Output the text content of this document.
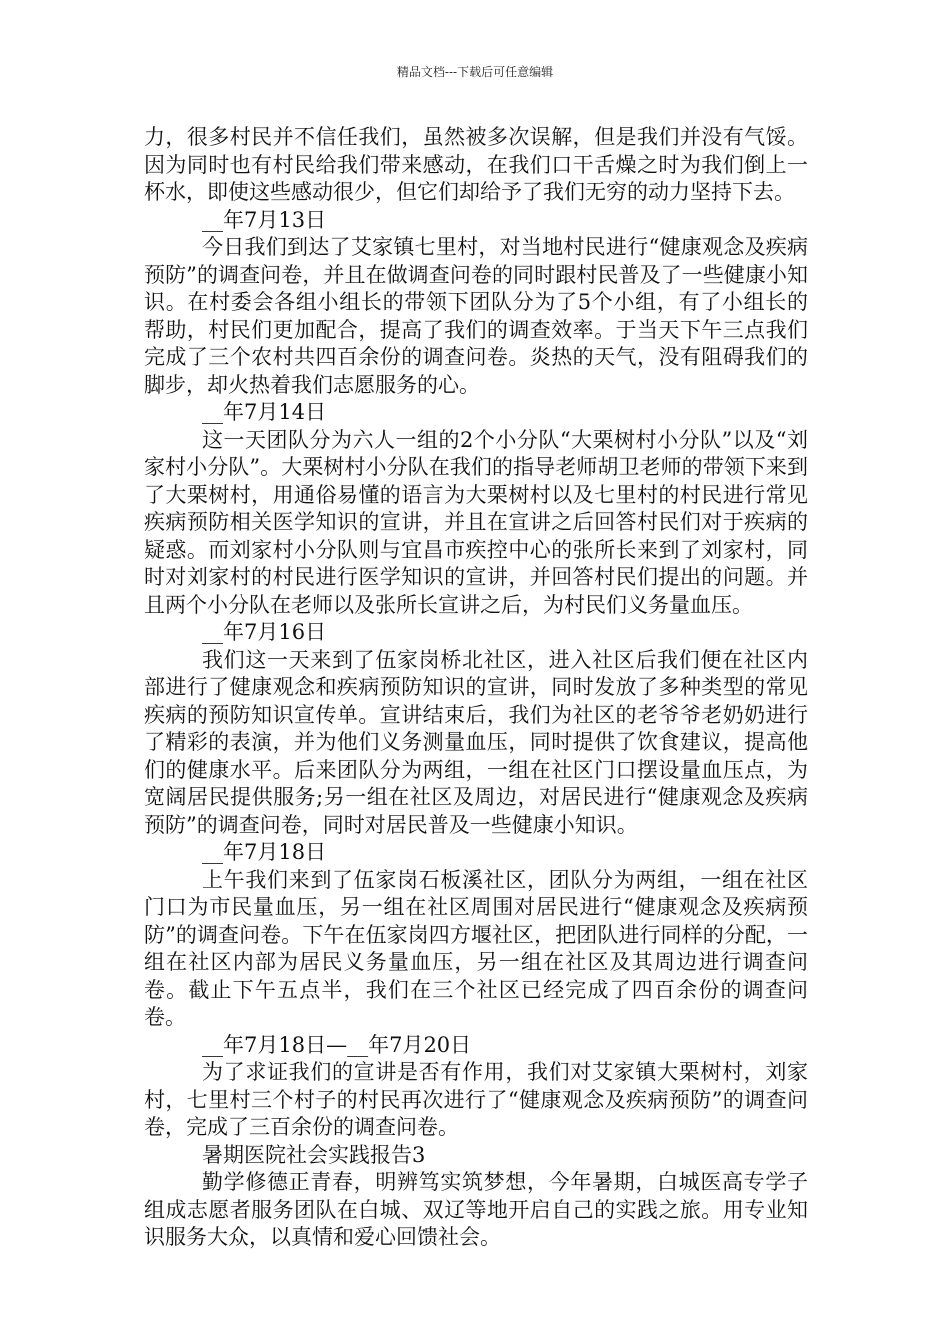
精品文档---下载后可任意编辑

力，很多村民并不信任我们，虽然被多次误解，但是我们并没有气馁。因为同时也有村民给我们带来感动，在我们口干舌燥之时为我们倒上一杯水，即使这些感动很少，但它们却给予了我们无穷的动力坚持下去。

__年7月13日

今日我们到达了艾家镇七里村，对当地村民进行“健康观念及疾病预防”的调查问卷，并且在做调查问卷的同时跟村民普及了一些健康小知识。在村委会各组小组长的带领下团队分为了5个小组，有了小组长的帮助，村民们更加配合，提高了我们的调查效率。于当天下午三点我们完成了三个农村共四百余份的调查问卷。炎热的天气，没有阻碍我们的脚步，却火热着我们志愿服务的心。

__年7月14日

这一天团队分为六人一组的2个小分队“大栗树村小分队”以及“刘家村小分队”。大栗树村小分队在我们的指导老师胡卫老师的带领下来到了大栗树村，用通俗易懂的语言为大栗树村以及七里村的村民进行常见疾病预防相关医学知识的宣讲，并且在宣讲之后回答村民们对于疾病的疑惑。而刘家村小分队则与宜昌市疾控中心的张所长来到了刘家村，同时对刘家村的村民进行医学知识的宣讲，并回答村民们提出的问题。并且两个小分队在老师以及张所长宣讲之后，为村民们义务量血压。

__年7月16日

我们这一天来到了伍家岗桥北社区，进入社区后我们便在社区内部进行了健康观念和疾病预防知识的宣讲，同时发放了多种类型的常见疾病的预防知识宣传单。宣讲结束后，我们为社区的老爷爷老奶奶进行了精彩的表演，并为他们义务测量血压，同时提供了饮食建议，提高他们的健康水平。后来团队分为两组，一组在社区门口摆设量血压点，为宽阔居民提供服务;另一组在社区及周边，对居民进行“健康观念及疾病预防”的调查问卷，同时对居民普及一些健康小知识。

__年7月18日

上午我们来到了伍家岗石板溪社区，团队分为两组，一组在社区门口为市民量血压，另一组在社区周围对居民进行“健康观念及疾病预防”的调查问卷。下午在伍家岗四方堰社区，把团队进行同样的分配，一组在社区内部为居民义务量血压，另一组在社区及其周边进行调查问卷。截止下午五点半，我们在三个社区已经完成了四百余份的调查问卷。

__年7月18日—__年7月20日

为了求证我们的宣讲是否有作用，我们对艾家镇大栗树村，刘家村，七里村三个村子的村民再次进行了“健康观念及疾病预防”的调查问卷，完成了三百余份的调查问卷。

暑期医院社会实践报告3

勤学修德正青春，明辨笃实筑梦想，今年暑期，白城医高专学子组成志愿者服务团队在白城、双辽等地开启自己的实践之旅。用专业知识服务大众，以真情和爱心回馈社会。
